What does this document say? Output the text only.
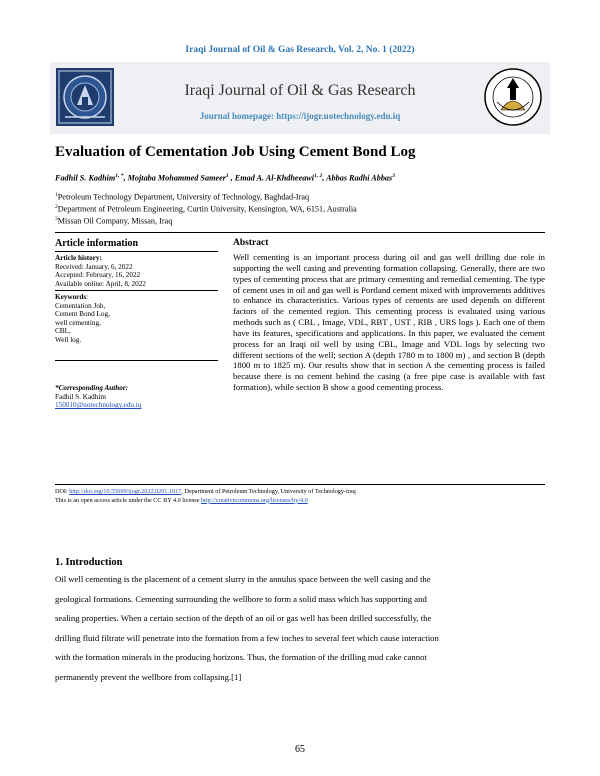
Iraqi Journal of Oil & Gas Research, Vol. 2, No. 1 (2022)
Iraqi Journal of Oil & Gas Research
Journal homepage: https://ijogr.uotechnology.edu.iq
Evaluation of Cementation Job Using Cement Bond Log
Fadhil S. Kadhim$^{1, *}$, Mojtaba Mohammed Sameer$^1$ , Emad A. Al-Khdheeawi$^{1, 2}$, Abbas Radhi Abbas$^3$
$^1$Petroleum Technology Department, University of Technology, Baghdad-Iraq
$^2$Department of Petroleum Engineering, Curtin University, Kensington, WA, 6151, Australia
$^3$Missan Oil Company, Missan, Iraq
Article information
Article history:
Received: January, 6, 2022
Accepted: February, 16, 2022
Available online: April, 8, 2022
Keywords:
Cementation Job,
Cement Bond Log,
well cementing,
CBL,
Well log.
*Corresponding Author:
Fadhil S. Kadhim
150010@uotechnology.edu.iq
Abstract
Well cementing is an important process during oil and gas well drilling due role in supporting the well casing and preventing formation collapsing. Generally, there are two types of cementing process that are primary cementing and remedial cementing. The type of cement uses in oil and gas well is Portland cement mixed with improvements additives to enhance its characteristics. Various types of cements are used depends on different factors of the cemented region. This cementing process is evaluated using various methods such as ( CBL , Image, VDL, RBT , UST , RIB , URS logs ). Each one of them have its features, specifications and applications. In this paper, we evaluated the cement process for an Iraqi oil well by using CBL, Image and VDL logs by selecting two different sections of the well; section A (depth 1780 m to 1800 m) , and section B (depth 1800 m to 1825 m). Our results show that in section A the cementing process is failed because there is no cement behind the casing (a free pipe case is available with fast formation), while section B show a good cementing process.
DOI: http://doi.org/10.55699/ijogr.2022.0201.1017, Department of Petroleum Technology, University of Technology-iraq
This is an open access article under the CC BY 4.0 license http://creativecommons.org/licenses/by/4.0
1. Introduction
Oil well cementing is the placement of a cement slurry in the annulus space between the well casing and the
geological formations. Cementing surrounding the wellbore to form a solid mass which has supporting and
sealing properties. When a certain section of the depth of an oil or gas well has been drilled successfully, the
drilling fluid filtrate will penetrate into the formation from a few inches to several feet which cause interaction
with the formation minerals in the producing horizons. Thus, the formation of the drilling mud cake cannot
permanently prevent the wellbore from collapsing.[1]
65
